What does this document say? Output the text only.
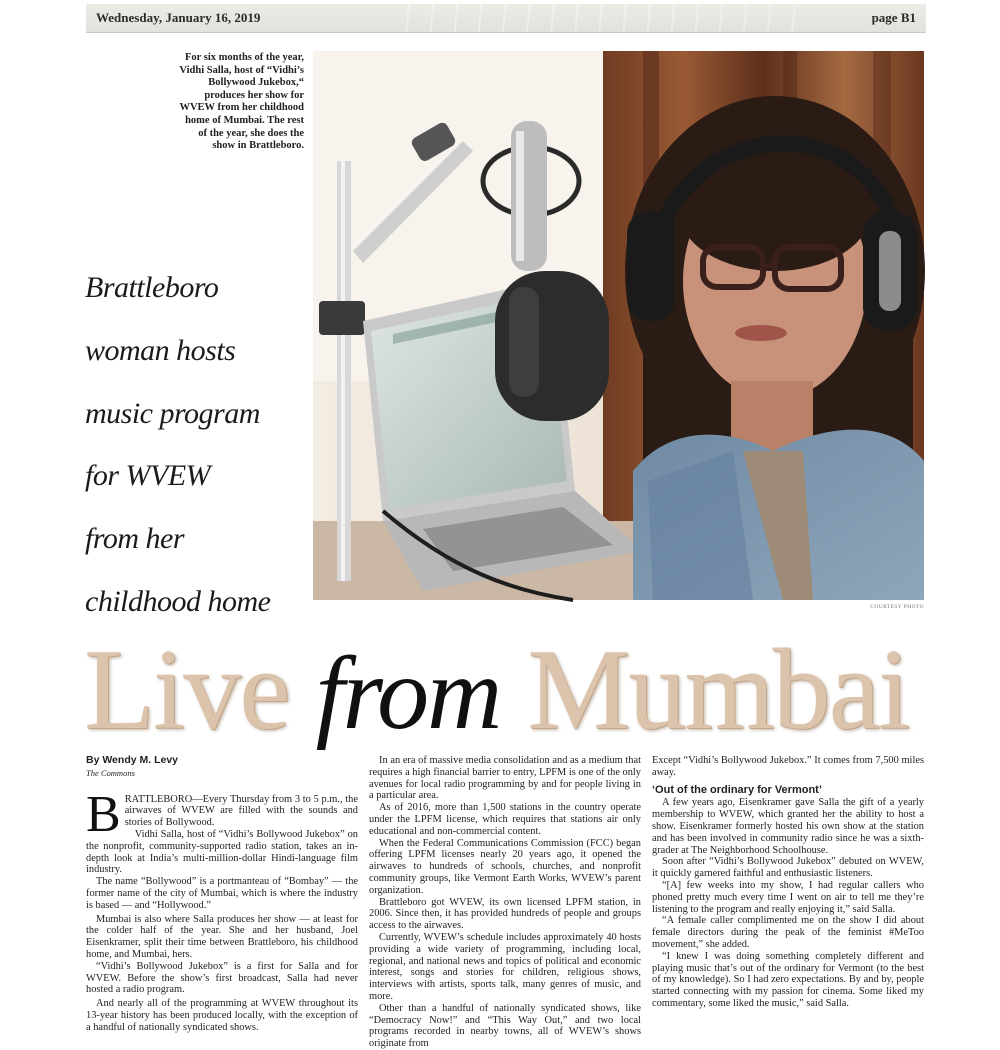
Wednesday, January 16, 2019	page B1
For six months of the year, Vidhi Salla, host of “Vidhi’s Bollywood Jukebox,“ produces her show for WVEW from her childhood home of Mumbai. The rest of the year, she does the show in Brattleboro.
COURTESY PHOTO
Brattleboro
woman hosts
music program
for WVEW
from her
childhood home
Live from Mumbai
By Wendy M. Levy
The Commons

BRATTLEBORO—Every Thursday from 3 to 5 p.m., the airwaves of WVEW are filled with the sounds and stories of Bollywood.

Vidhi Salla, host of “Vidhi’s Bollywood Jukebox” on the nonprofit, community-supported radio station, takes an in-depth look at India’s multi-million-dollar Hindi-language film industry.

The name “Bollywood” is a portmanteau of “Bombay” — the former name of the city of Mumbai, which is where the industry is based — and “Hollywood.”

Mumbai is also where Salla produces her show — at least for the colder half of the year. She and her husband, Joel Eisenkramer, split their time between Brattleboro, his childhood home, and Mumbai, hers.

“Vidhi’s Bollywood Jukebox” is a first for Salla and for WVEW. Before the show’s first broadcast, Salla had never hosted a radio program.

And nearly all of the programming at WVEW throughout its 13-year history has been produced locally, with the exception of a handful of nationally syndicated shows.

In an era of massive media consolidation and as a medium that requires a high financial barrier to entry, LPFM is one of the only avenues for local radio programming by and for people living in a particular area.

As of 2016, more than 1,500 stations in the country operate under the LPFM license, which requires that stations air only educational and non-commercial content.

When the Federal Communications Commission (FCC) began offering LPFM licenses nearly 20 years ago, it opened the airwaves to hundreds of schools, churches, and nonprofit community groups, like Vermont Earth Works, WVEW’s parent organization.

Brattleboro got WVEW, its own licensed LPFM station, in 2006. Since then, it has provided hundreds of people and groups access to the airwaves.

Currently, WVEW’s schedule includes approximately 40 hosts providing a wide variety of programming, including local, regional, and national news and topics of political and economic interest, songs and stories for children, religious shows, interviews with artists, sports talk, many genres of music, and more.

Other than a handful of nationally syndicated shows, like “Democracy Now!” and “This Way Out,” and two local programs recorded in nearby towns, all of WVEW’s shows originate from

Except “Vidhi’s Bollywood Jukebox.” It comes from 7,500 miles away.

‘Out of the ordinary for Vermont’

A few years ago, Eisenkramer gave Salla the gift of a yearly membership to WVEW, which granted her the ability to host a show. Eisenkramer formerly hosted his own show at the station and has been involved in community radio since he was a sixth-grader at The Neighborhood Schoolhouse.

Soon after “Vidhi’s Bollywood Jukebox” debuted on WVEW, it quickly garnered faithful and enthusiastic listeners.

“[A] few weeks into my show, I had regular callers who phoned pretty much every time I went on air to tell me they’re listening to the program and really enjoying it,” said Salla.

“A female caller complimented me on the show I did about female directors during the peak of the feminist #MeToo movement,” she added.

“I knew I was doing something completely different and playing music that’s out of the ordinary for Vermont (to the best of my knowledge). So I had zero expectations. By and by, people started connecting with my passion for cinema. Some liked my commentary, some liked the music,” said Salla.
